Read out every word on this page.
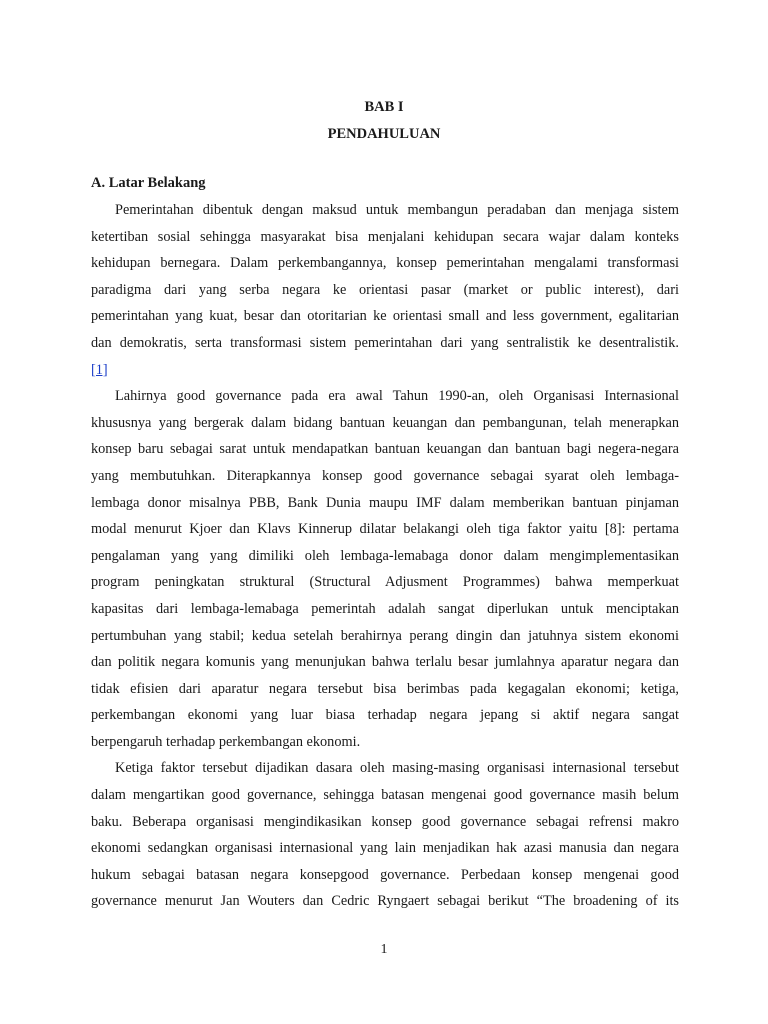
BAB I
PENDAHULUAN
A. Latar Belakang
Pemerintahan dibentuk dengan maksud untuk membangun peradaban dan menjaga sistem
ketertiban sosial sehingga masyarakat bisa menjalani kehidupan secara wajar dalam konteks
kehidupan bernegara. Dalam perkembangannya, konsep pemerintahan mengalami transformasi
paradigma dari yang serba negara ke orientasi pasar (market or public interest), dari
pemerintahan yang kuat, besar dan otoritarian ke orientasi small and less government, egalitarian
dan demokratis, serta transformasi sistem pemerintahan dari yang sentralistik ke desentralistik.
[1]
Lahirnya good governance pada era awal Tahun 1990-an, oleh Organisasi Internasional
khususnya yang bergerak dalam bidang bantuan keuangan dan pembangunan, telah menerapkan
konsep baru sebagai sarat untuk mendapatkan bantuan keuangan dan bantuan bagi negera-negara
yang membutuhkan. Diterapkannya konsep good governance sebagai syarat oleh lembaga-
lembaga donor misalnya PBB, Bank Dunia maupu IMF dalam memberikan bantuan pinjaman
modal menurut Kjoer dan Klavs Kinnerup dilatar belakangi oleh tiga faktor yaitu [8]: pertama
pengalaman yang yang dimiliki oleh lembaga-lemabaga donor dalam mengimplementasikan
program peningkatan struktural (Structural Adjusment Programmes) bahwa memperkuat
kapasitas dari lembaga-lemabaga pemerintah adalah sangat diperlukan untuk menciptakan
pertumbuhan yang stabil; kedua setelah berahirnya perang dingin dan jatuhnya sistem ekonomi
dan politik negara komunis yang menunjukan bahwa terlalu besar jumlahnya aparatur negara dan
tidak efisien dari aparatur negara tersebut bisa berimbas pada kegagalan ekonomi; ketiga,
perkembangan ekonomi yang luar biasa terhadap negara jepang si aktif negara sangat
berpengaruh terhadap perkembangan ekonomi.
Ketiga faktor tersebut dijadikan dasara oleh masing-masing organisasi internasional tersebut
dalam mengartikan good governance, sehingga batasan mengenai good governance masih belum
baku. Beberapa organisasi mengindikasikan konsep good governance sebagai refrensi makro
ekonomi sedangkan organisasi internasional yang lain menjadikan hak azasi manusia dan negara
hukum sebagai batasan negara konsepgood governance. Perbedaan konsep mengenai good
governance menurut Jan Wouters dan Cedric Ryngaert sebagai berikut “The broadening of its
1
